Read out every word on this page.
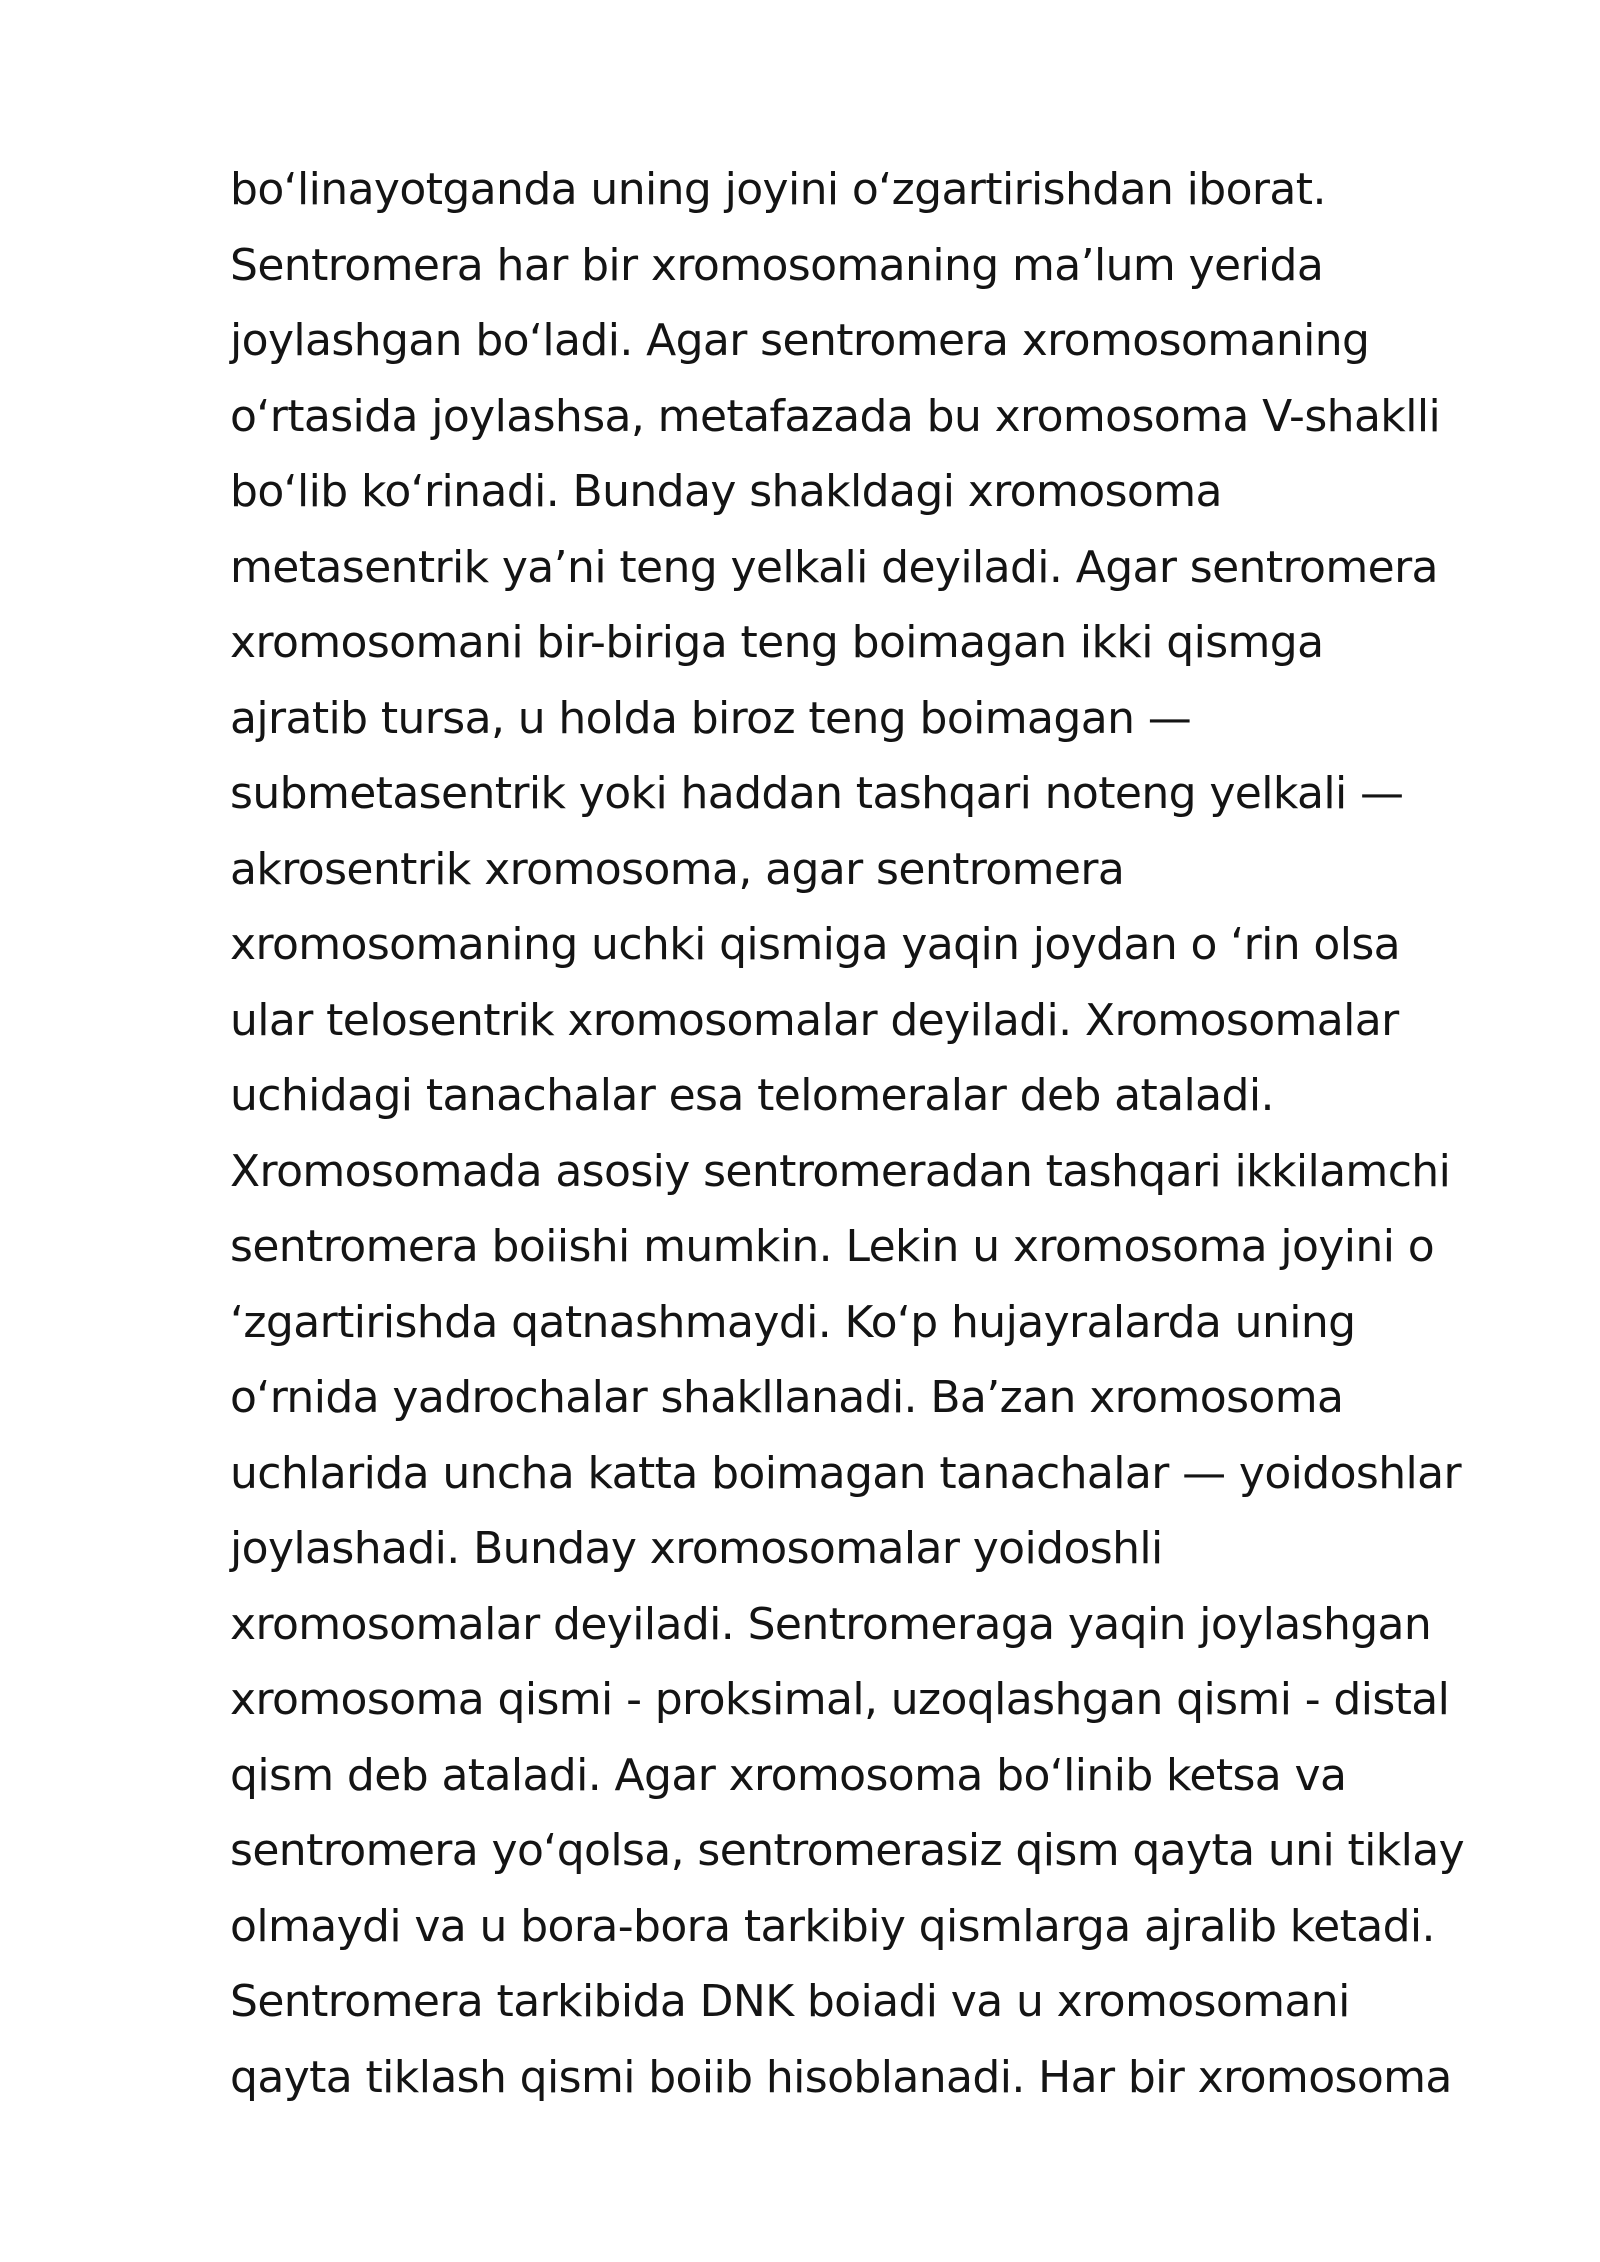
bo‘linayotganda uning joyini o‘zgartirishdan iborat.
Sentromera har bir xromosomaning ma’lum yerida
joylashgan bo‘ladi. Agar sentromera xromosomaning
o‘rtasida joylashsa, metafazada bu xromosoma V-shaklli
bo‘lib ko‘rinadi. Bunday shakldagi xromosoma
metasentrik ya’ni teng yelkali deyiladi. Agar sentromera
xromosomani bir-biriga teng boimagan ikki qismga
ajratib tursa, u holda biroz teng boimagan —
submetasentrik yoki haddan tashqari noteng yelkali —
akrosentrik xromosoma, agar sentromera
xromosomaning uchki qismiga yaqin joydan o ‘rin olsa
ular telosentrik xromosomalar deyiladi. Xromosomalar
uchidagi tanachalar esa telomeralar deb ataladi.
Xromosomada asosiy sentromeradan tashqari ikkilamchi
sentromera boiishi mumkin. Lekin u xromosoma joyini o
‘zgartirishda qatnashmaydi. Ko‘p hujayralarda uning
o‘rnida yadrochalar shakllanadi. Ba’zan xromosoma
uchlarida uncha katta boimagan tanachalar — yoidoshlar
joylashadi. Bunday xromosomalar yoidoshli
xromosomalar deyiladi. Sentromeraga yaqin joylashgan
xromosoma qismi - proksimal, uzoqlashgan qismi - distal
qism deb ataladi. Agar xromosoma bo‘linib ketsa va
sentromera yo‘qolsa, sentromerasiz qism qayta uni tiklay
olmaydi va u bora-bora tarkibiy qismlarga ajralib ketadi.
Sentromera tarkibida DNK boiadi va u xromosomani
qayta tiklash qismi boiib hisoblanadi. Har bir xromosoma
